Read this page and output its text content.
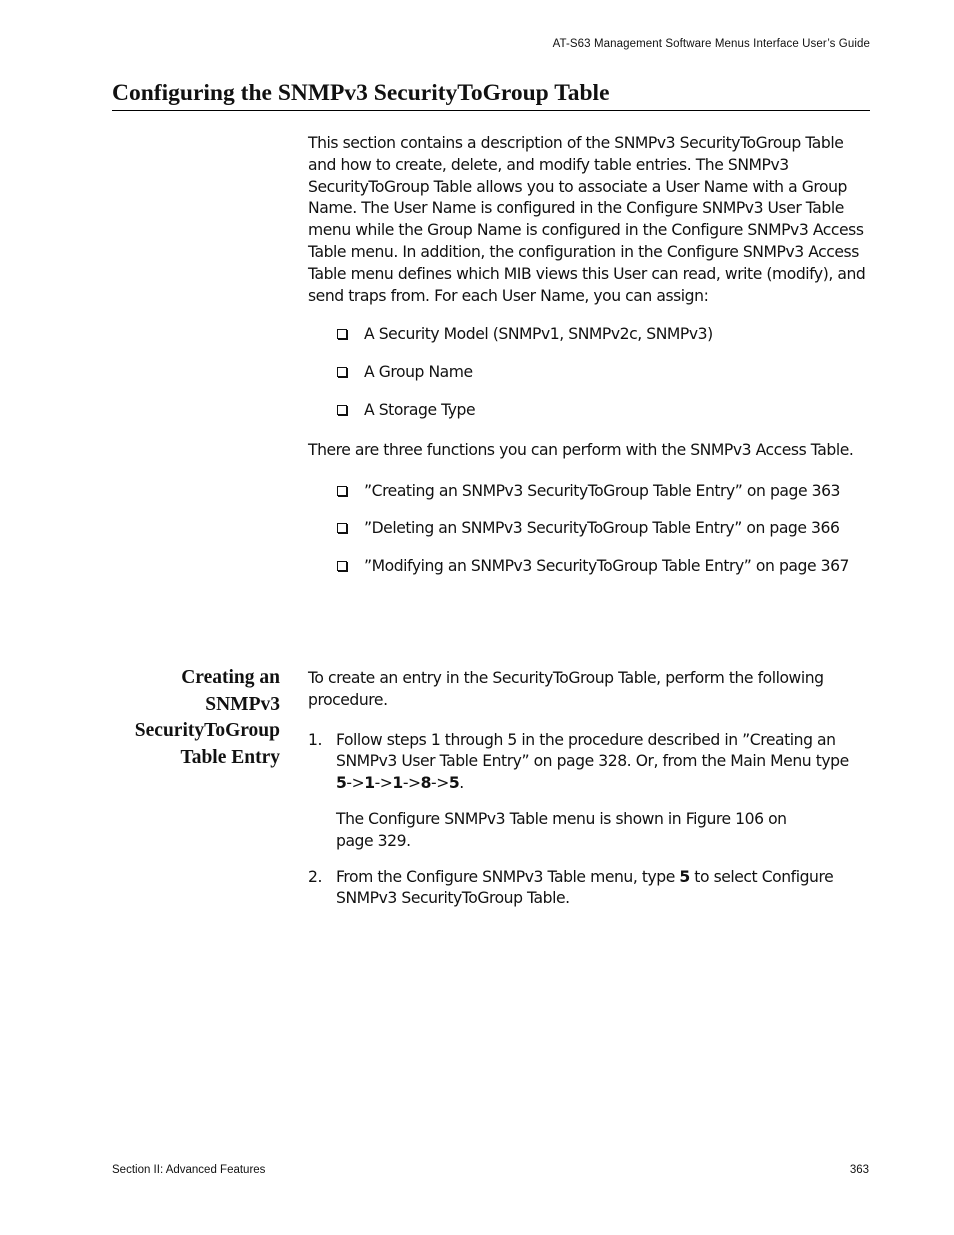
AT-S63 Management Software Menus Interface User’s Guide
Configuring the SNMPv3 SecurityToGroup Table

This section contains a description of the SNMPv3 SecurityToGroup Table and how to create, delete, and modify table entries. The SNMPv3 SecurityToGroup Table allows you to associate a User Name with a Group Name. The User Name is configured in the Configure SNMPv3 User Table menu while the Group Name is configured in the Configure SNMPv3 Access Table menu. In addition, the configuration in the Configure SNMPv3 Access Table menu defines which MIB views this User can read, write (modify), and send traps from. For each User Name, you can assign:

A Security Model (SNMPv1, SNMPv2c, SNMPv3)
A Group Name
A Storage Type

There are three functions you can perform with the SNMPv3 Access Table.

”Creating an SNMPv3 SecurityToGroup Table Entry” on page 363
”Deleting an SNMPv3 SecurityToGroup Table Entry” on page 366
”Modifying an SNMPv3 SecurityToGroup Table Entry” on page 367
Creating an
SNMPv3
SecurityToGroup
Table Entry

To create an entry in the SecurityToGroup Table, perform the following procedure.

1. Follow steps 1 through 5 in the procedure described in ”Creating an SNMPv3 User Table Entry” on page 328. Or, from the Main Menu type 5->1->1->8->5.

The Configure SNMPv3 Table menu is shown in Figure 106 on page 329.

2. From the Configure SNMPv3 Table menu, type 5 to select Configure SNMPv3 SecurityToGroup Table.
Section II: Advanced Features	363
